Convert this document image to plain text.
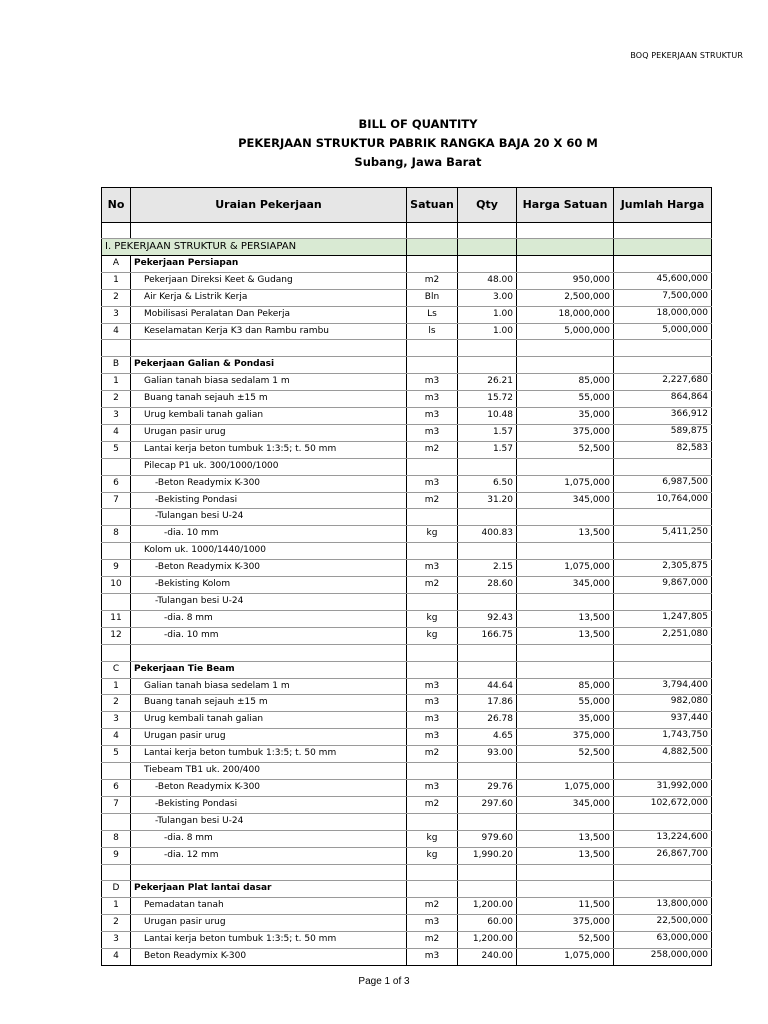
BOQ PEKERJAAN STRUKTUR
BILL OF QUANTITY
PEKERJAAN STRUKTUR PABRIK RANGKA BAJA 20 X 60 M
Subang, Jawa Barat
No	Uraian Pekerjaan	Satuan	Qty	Harga Satuan	Jumlah Harga

I. PEKERJAAN STRUKTUR & PERSIAPAN					
A	Pekerjaan Persiapan				
1	Pekerjaan Direksi Keet & Gudang	m2	48.00	950,000	45,600,000
2	Air Kerja & Listrik Kerja	Bln	3.00	2,500,000	7,500,000
3	Mobilisasi Peralatan Dan Pekerja	Ls	1.00	18,000,000	18,000,000
4	Keselamatan Kerja K3 dan Rambu rambu	ls	1.00	5,000,000	5,000,000

B	Pekerjaan Galian & Pondasi				
1	Galian tanah biasa sedalam 1 m	m3	26.21	85,000	2,227,680
2	Buang tanah sejauh ±15 m	m3	15.72	55,000	864,864
3	Urug kembali tanah galian	m3	10.48	35,000	366,912
4	Urugan pasir urug	m3	1.57	375,000	589,875
5	Lantai kerja beton tumbuk 1:3:5; t. 50 mm	m2	1.57	52,500	82,583
	Pilecap P1 uk. 300/1000/1000				
6	-Beton Readymix K-300	m3	6.50	1,075,000	6,987,500
7	-Bekisting Pondasi	m2	31.20	345,000	10,764,000
	-Tulangan besi U-24				
8	-dia. 10 mm	kg	400.83	13,500	5,411,250
	Kolom uk. 1000/1440/1000				
9	-Beton Readymix K-300	m3	2.15	1,075,000	2,305,875
10	-Bekisting Kolom	m2	28.60	345,000	9,867,000
	-Tulangan besi U-24				
11	-dia. 8 mm	kg	92.43	13,500	1,247,805
12	-dia. 10 mm	kg	166.75	13,500	2,251,080

C	Pekerjaan Tie Beam				
1	Galian tanah biasa sedelam 1 m	m3	44.64	85,000	3,794,400
2	Buang tanah sejauh ±15 m	m3	17.86	55,000	982,080
3	Urug kembali tanah galian	m3	26.78	35,000	937,440
4	Urugan pasir urug	m3	4.65	375,000	1,743,750
5	Lantai kerja beton tumbuk 1:3:5; t. 50 mm	m2	93.00	52,500	4,882,500
	Tiebeam TB1 uk. 200/400				
6	-Beton Readymix K-300	m3	29.76	1,075,000	31,992,000
7	-Bekisting Pondasi	m2	297.60	345,000	102,672,000
	-Tulangan besi U-24				
8	-dia. 8 mm	kg	979.60	13,500	13,224,600
9	-dia. 12 mm	kg	1,990.20	13,500	26,867,700

D	Pekerjaan Plat lantai dasar				
1	Pemadatan tanah	m2	1,200.00	11,500	13,800,000
2	Urugan pasir urug	m3	60.00	375,000	22,500,000
3	Lantai kerja beton tumbuk 1:3:5; t. 50 mm	m2	1,200.00	52,500	63,000,000
4	Beton Readymix K-300	m3	240.00	1,075,000	258,000,000
Page 1 of 3
